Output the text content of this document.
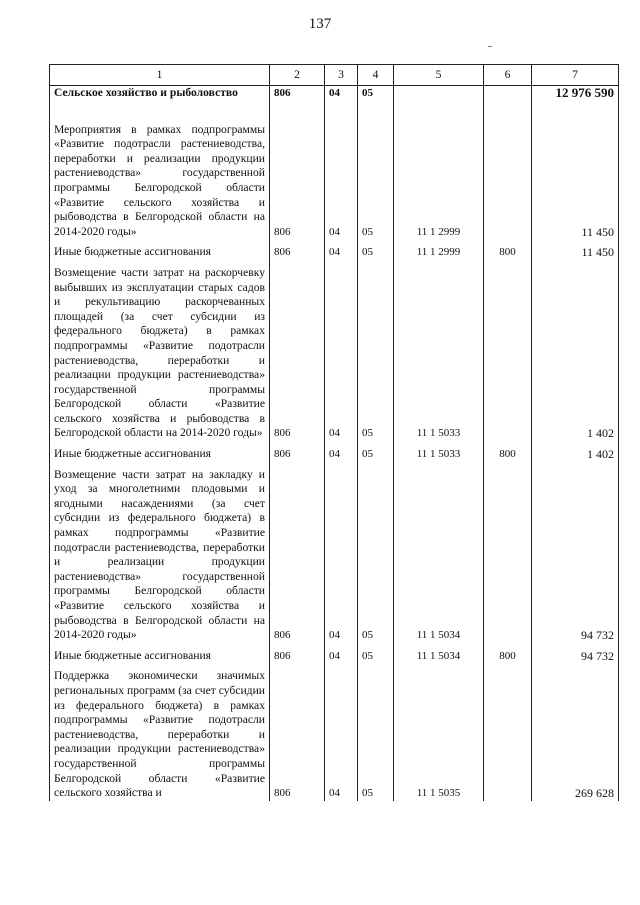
137
1	2	3	4	5	6	7
Сельское хозяйство и рыболовство	806	04	05			12 976 590

Мероприятия в рамках подпрограммы «Развитие подотрасли растениеводства, переработки и реализации продукции растениеводства» государственной программы Белгородской области «Развитие сельского хозяйства и рыбоводства в Белгородской области на 2014-2020 годы»	806	04	05	11 1 2999		11 450

Иные бюджетные ассигнования	806	04	05	11 1 2999	800	11 450

Возмещение части затрат на раскорчевку выбывших из эксплуатации старых садов и рекультивацию раскорчеванных площадей (за счет субсидии из федерального бюджета) в рамках подпрограммы «Развитие подотрасли растениеводства, переработки и реализации продукции растениеводства» государственной программы Белгородской области «Развитие сельского хозяйства и рыбоводства в Белгородской области на 2014-2020 годы»	806	04	05	11 1 5033		1 402

Иные бюджетные ассигнования	806	04	05	11 1 5033	800	1 402

Возмещение части затрат на закладку и уход за многолетними плодовыми и ягодными насаждениями (за счет субсидии из федерального бюджета) в рамках подпрограммы «Развитие подотрасли растениеводства, переработки и реализации продукции растениеводства» государственной программы Белгородской области «Развитие сельского хозяйства и рыбоводства в Белгородской области на 2014-2020 годы»	806	04	05	11 1 5034		94 732

Иные бюджетные ассигнования	806	04	05	11 1 5034	800	94 732

Поддержка экономически значимых региональных программ (за счет субсидии из федерального бюджета) в рамках подпрограммы «Развитие подотрасли растениеводства, переработки и реализации продукции растениеводства» государственной программы Белгородской области «Развитие сельского хозяйства и	806	04	05	11 1 5035		269 628
